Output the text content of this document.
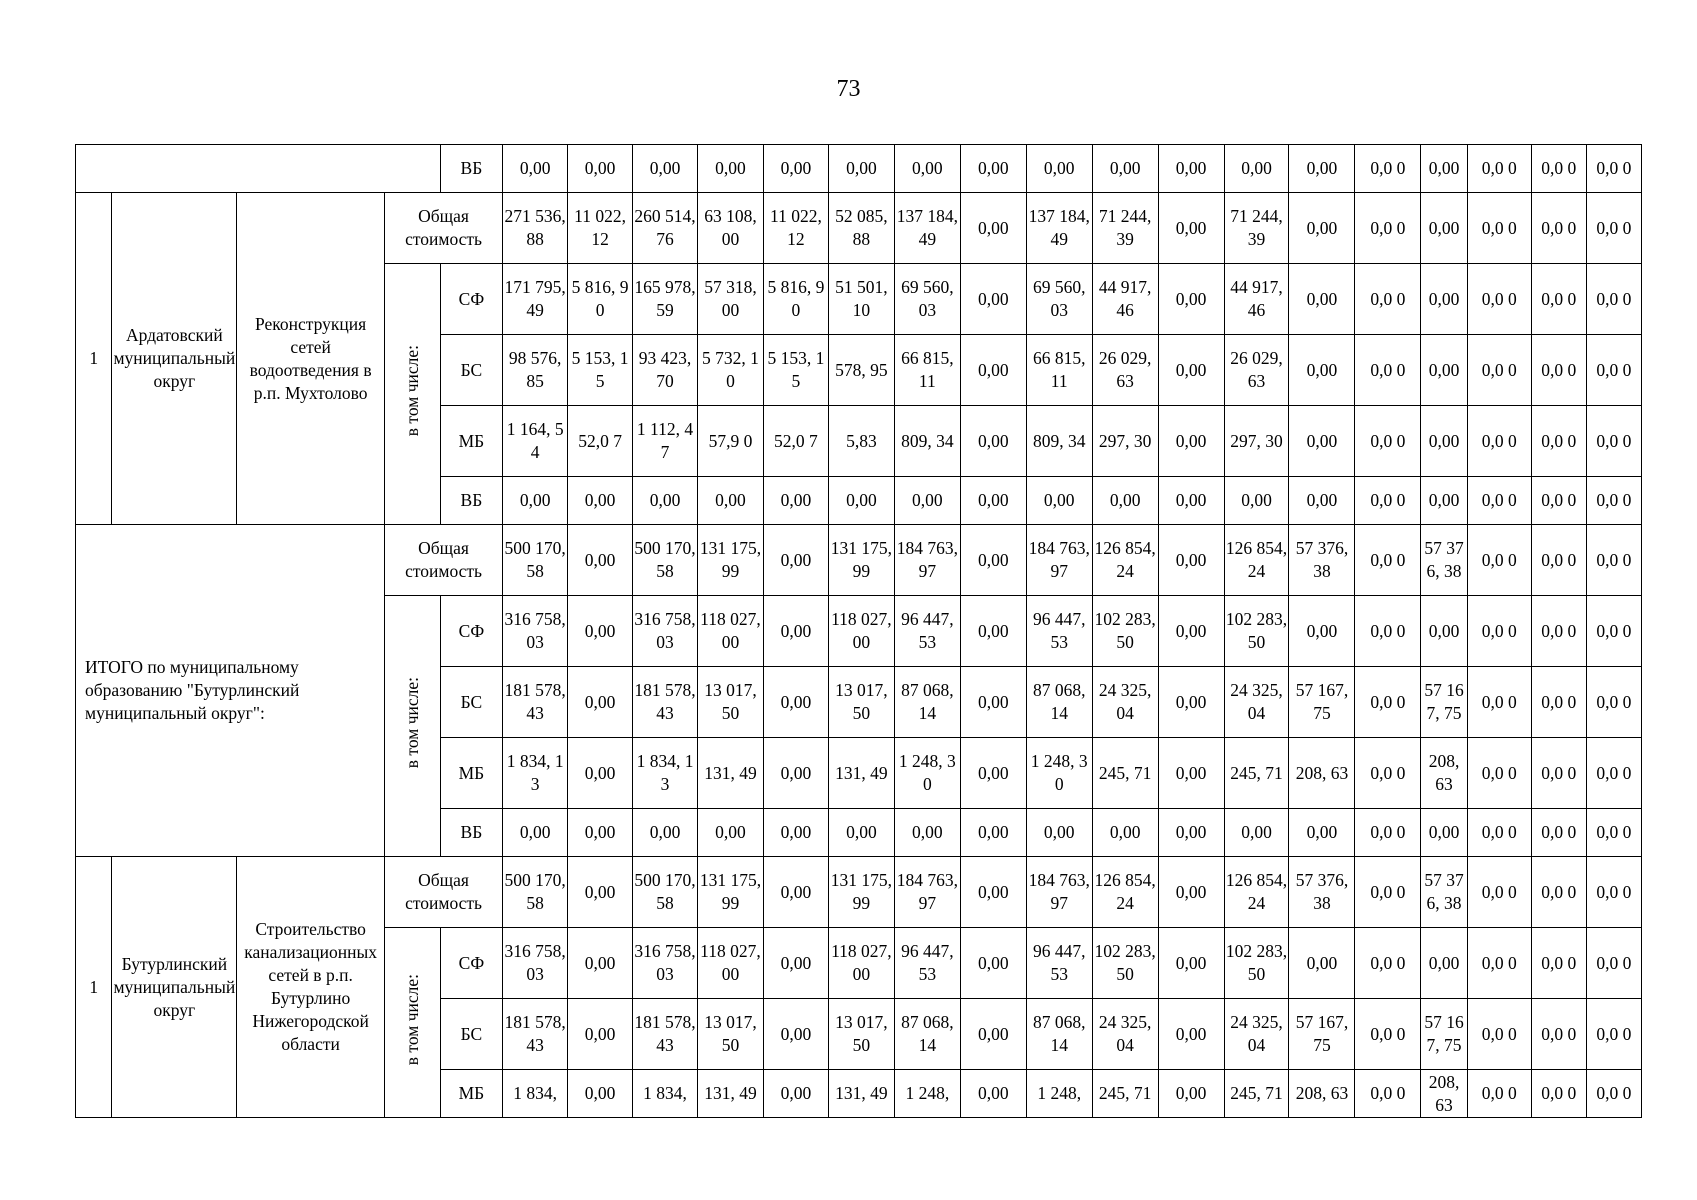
73
				ВБ	0,00	0,00	0,00	0,00	0,00	0,00	0,00	0,00	0,00	0,00	0,00	0,00	0,00	0,0 0	0,00	0,0 0	0,0 0	0,0 0
1	Ардатовский муниципальный округ	Реконструкция сетей водоотведения в р.п. Мухтолово	Общая стоимость		271 536, 88	11 022, 12	260 514, 76	63 108, 00	11 022, 12	52 085, 88	137 184, 49	0,00	137 184, 49	71 244, 39	0,00	71 244, 39	0,00	0,0 0	0,00	0,0 0	0,0 0	0,0 0
			в том числе:	СФ	171 795, 49	5 816, 90	165 978, 59	57 318, 00	5 816, 90	51 501, 10	69 560, 03	0,00	69 560, 03	44 917, 46	0,00	44 917, 46	0,00	0,0 0	0,00	0,0 0	0,0 0	0,0 0
				БС	98 576, 85	5 153, 15	93 423, 70	5 732, 10	5 153, 15	578, 95	66 815, 11	0,00	66 815, 11	26 029, 63	0,00	26 029, 63	0,00	0,0 0	0,00	0,0 0	0,0 0	0,0 0
				МБ	1 164, 54	52,0 7	1 112, 47	57,9 0	52,0 7	5,83	809, 34	0,00	809, 34	297, 30	0,00	297, 30	0,00	0,0 0	0,00	0,0 0	0,0 0	0,0 0
				ВБ	0,00	0,00	0,00	0,00	0,00	0,00	0,00	0,00	0,00	0,00	0,00	0,00	0,00	0,0 0	0,00	0,0 0	0,0 0	0,0 0
ИТОГО по муниципальному образованию "Бутурлинский муниципальный округ":			Общая стоимость		500 170, 58	0,00	500 170, 58	131 175, 99	0,00	131 175, 99	184 763, 97	0,00	184 763, 97	126 854, 24	0,00	126 854, 24	57 376, 38	0,0 0	57 376, 38	0,0 0	0,0 0	0,0 0
			в том числе:	СФ	316 758, 03	0,00	316 758, 03	118 027, 00	0,00	118 027, 00	96 447, 53	0,00	96 447, 53	102 283, 50	0,00	102 283, 50	0,00	0,0 0	0,00	0,0 0	0,0 0	0,0 0
				БС	181 578, 43	0,00	181 578, 43	13 017, 50	0,00	13 017, 50	87 068, 14	0,00	87 068, 14	24 325, 04	0,00	24 325, 04	57 167, 75	0,0 0	57 167, 75	0,0 0	0,0 0	0,0 0
				МБ	1 834, 13	0,00	1 834, 13	131, 49	0,00	131, 49	1 248, 30	0,00	1 248, 30	245, 71	0,00	245, 71	208, 63	0,0 0	208, 63	0,0 0	0,0 0	0,0 0
				ВБ	0,00	0,00	0,00	0,00	0,00	0,00	0,00	0,00	0,00	0,00	0,00	0,00	0,00	0,0 0	0,00	0,0 0	0,0 0	0,0 0
1	Бутурлинский муниципальный округ	Строительство канализационных сетей в р.п. Бутурлино Нижегородской области	Общая стоимость		500 170, 58	0,00	500 170, 58	131 175, 99	0,00	131 175, 99	184 763, 97	0,00	184 763, 97	126 854, 24	0,00	126 854, 24	57 376, 38	0,0 0	57 376, 38	0,0 0	0,0 0	0,0 0
			в том числе:	СФ	316 758, 03	0,00	316 758, 03	118 027, 00	0,00	118 027, 00	96 447, 53	0,00	96 447, 53	102 283, 50	0,00	102 283, 50	0,00	0,0 0	0,00	0,0 0	0,0 0	0,0 0
				БС	181 578, 43	0,00	181 578, 43	13 017, 50	0,00	13 017, 50	87 068, 14	0,00	87 068, 14	24 325, 04	0,00	24 325, 04	57 167, 75	0,0 0	57 167, 75	0,0 0	0,0 0	0,0 0
				МБ	1 834,	0,00	1 834,	131, 49	0,00	131, 49	1 248,	0,00	1 248,	245, 71	0,00	245, 71	208, 63	0,0 0	208, 63	0,0 0	0,0 0	0,0 0
